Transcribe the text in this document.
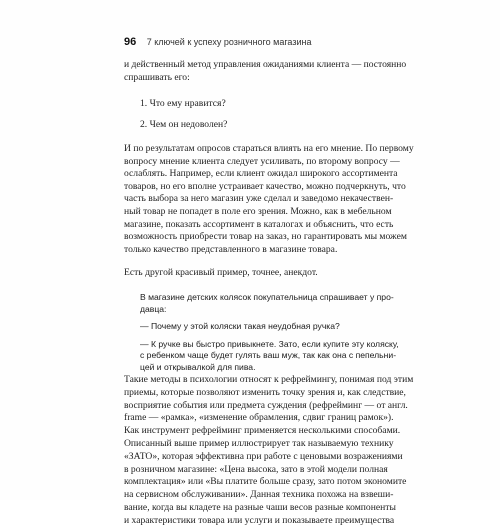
96 7 ключей к успеху розничного магазина
и действенный метод управления ожиданиями клиента — постоянно
спрашивать его:
1. Что ему нравится?
2. Чем он недоволен?
И по результатам опросов стараться влиять на его мнение. По первому
вопросу мнение клиента следует усиливать, по второму вопросу —
ослаблять. Например, если клиент ожидал широкого ассортимента
товаров, но его вполне устраивает качество, можно подчеркнуть, что
часть выбора за него магазин уже сделал и заведомо некачествен-
ный товар не попадет в поле его зрения. Можно, как в мебельном
магазине, показать ассортимент в каталогах и объяснить, что есть
возможность приобрести товар на заказ, но гарантировать мы можем
только качество представленного в магазине товара.
Есть другой красивый пример, точнее, анекдот.

В магазине детских колясок покупательница спрашивает у про-
давца:

— Почему у этой коляски такая неудобная ручка?

— К ручке вы быстро привыкнете. Зато, если купите эту коляску,
с ребенком чаще будет гулять ваш муж, так как она с пепельни-
цей и открывалкой для пива.

Такие методы в психологии относят к рефреймингу, понимая под этим
приемы, которые позволяют изменить точку зрения и, как следствие,
восприятие события или предмета суждения (рефрейминг — от англ.
frame — «рамка», «изменение обрамления, сдвиг границ рамок»).
Как инструмент рефрейминг применяется несколькими способами.
Описанный выше пример иллюстрирует так называемую технику
«ЗАТО», которая эффективна при работе с ценовыми возражениями
в розничном магазине: «Цена высока, зато в этой модели полная
комплектация» или «Вы платите больше сразу, зато потом экономите
на сервисном обслуживании». Данная техника похожа на взвеши-
вание, когда вы кладете на разные чаши весов разные компоненты
и характеристики товара или услуги и показываете преимущества
